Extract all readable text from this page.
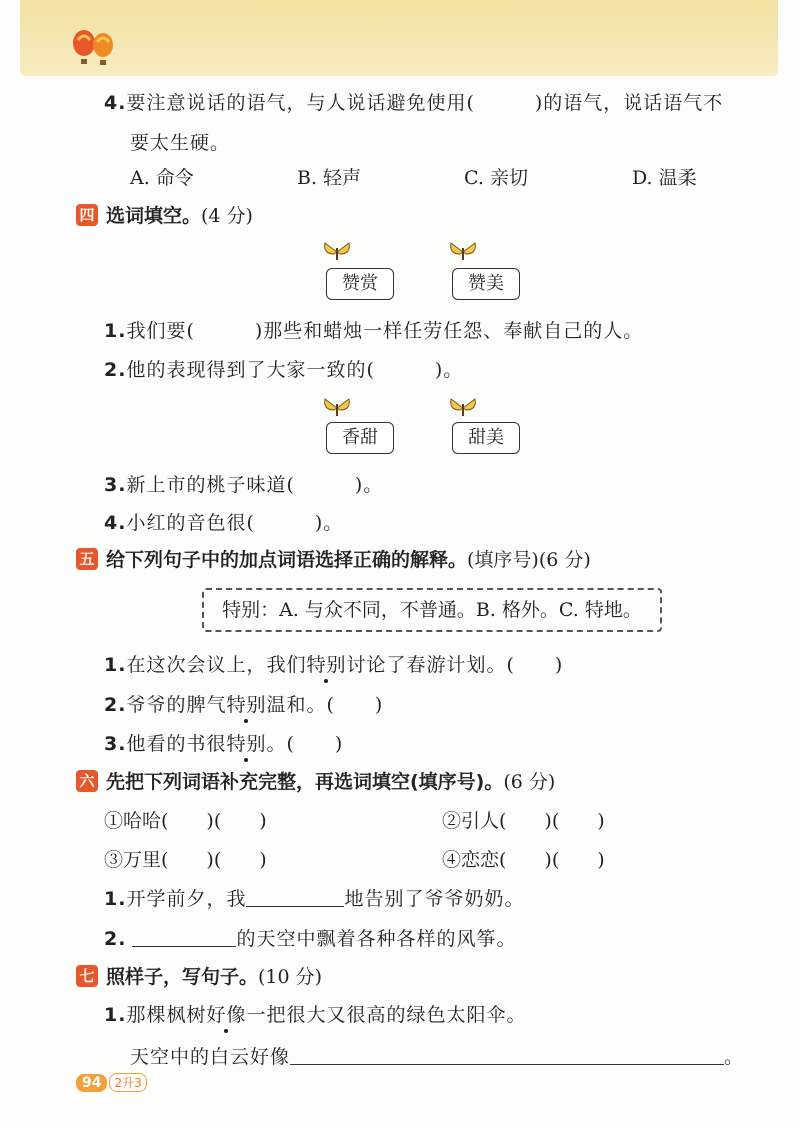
4.要注意说话的语气，与人说话避免使用(　　　)的语气，说话语气不
要太生硬。
A. 命令	B. 轻声	C. 亲切	D. 温柔
四 选词填空。(4 分)
赞赏	赞美
1.我们要(　　　)那些和蜡烛一样任劳任怨、奉献自己的人。
2.他的表现得到了大家一致的(　　　)。
香甜	甜美
3.新上市的桃子味道(　　　)。
4.小红的音色很(　　　)。
五 给下列句子中的加点词语选择正确的解释。(填序号)(6 分)
特别：A. 与众不同，不普通。B. 格外。C. 特地。
1.在这次会议上，我们特别讨论了春游计划。(　　)
2.爷爷的脾气特别温和。(　　)
3.他看的书很特别。(　　)
六 先把下列词语补充完整，再选词填空(填序号)。(6 分)
①哈哈(　　)(　　)	②引人(　　)(　　)
③万里(　　)(　　)	④恋恋(　　)(　　)
1.开学前夕，我	地告别了爷爷奶奶。
2.	的天空中飘着各种各样的风筝。
七 照样子，写句子。(10 分)
1.那棵枫树好像一把很大又很高的绿色太阳伞。
天空中的白云好像	。
94 2升3
